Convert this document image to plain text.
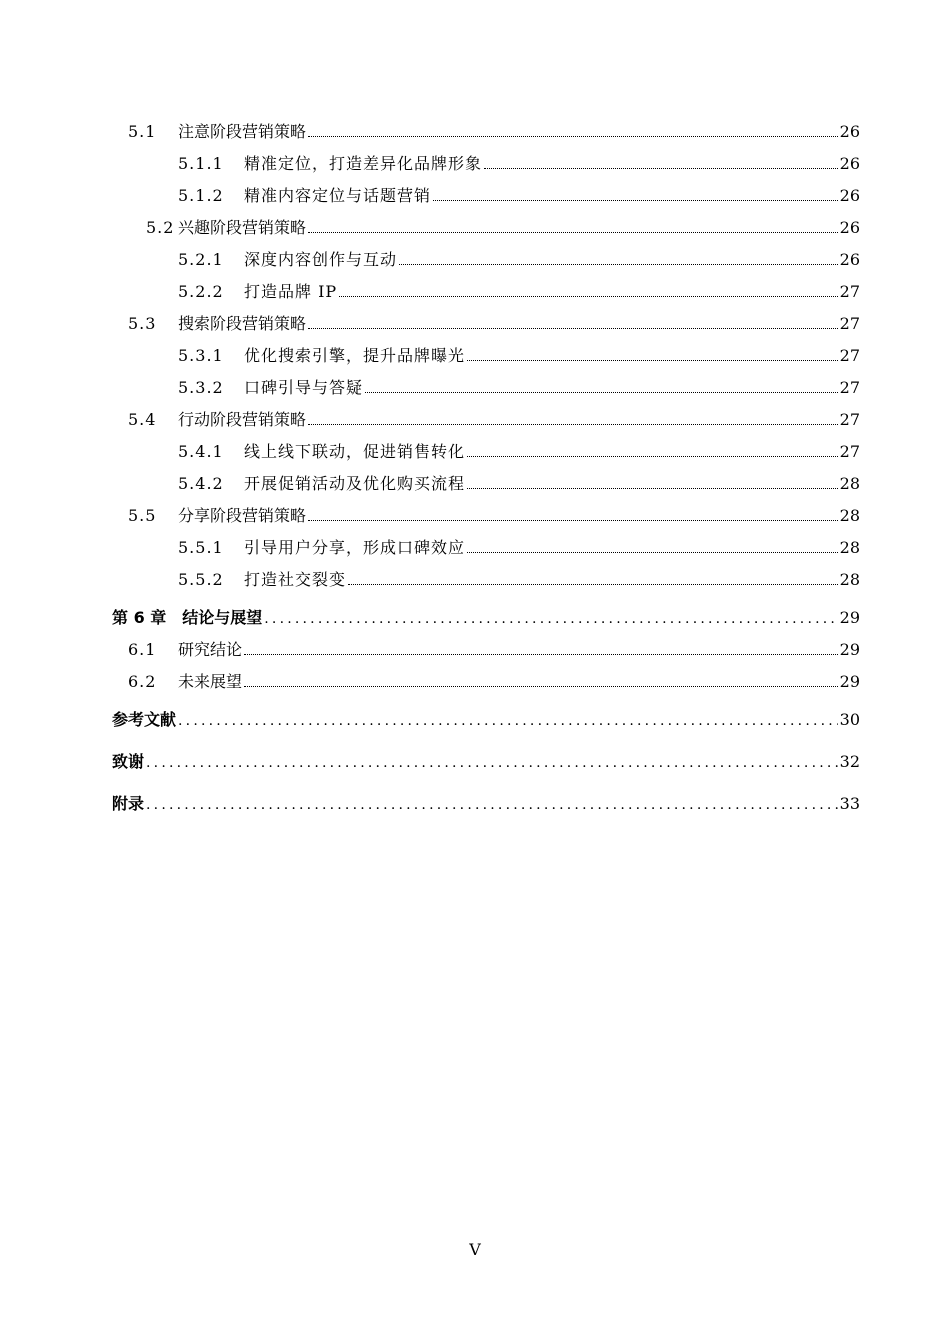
5.1	注意阶段营销策略	26
5.1.1	精准定位，打造差异化品牌形象	26
5.1.2	精准内容定位与话题营销	26
5.2 兴趣阶段营销策略	26
5.2.1	深度内容创作与互动	26
5.2.2	打造品牌 IP	27
5.3	搜索阶段营销策略	27
5.3.1	优化搜索引擎，提升品牌曝光	27
5.3.2	口碑引导与答疑	27
5.4	行动阶段营销策略	27
5.4.1	线上线下联动，促进销售转化	27
5.4.2	开展促销活动及优化购买流程	28
5.5	分享阶段营销策略	28
5.5.1	引导用户分享，形成口碑效应	28
5.5.2	打造社交裂变	28
第 6 章　结论与展望 .....	29
6.1	研究结论	29
6.2	未来展望	29
参考文献 .....	30
致谢 .....	32
附录 .....	33
V
